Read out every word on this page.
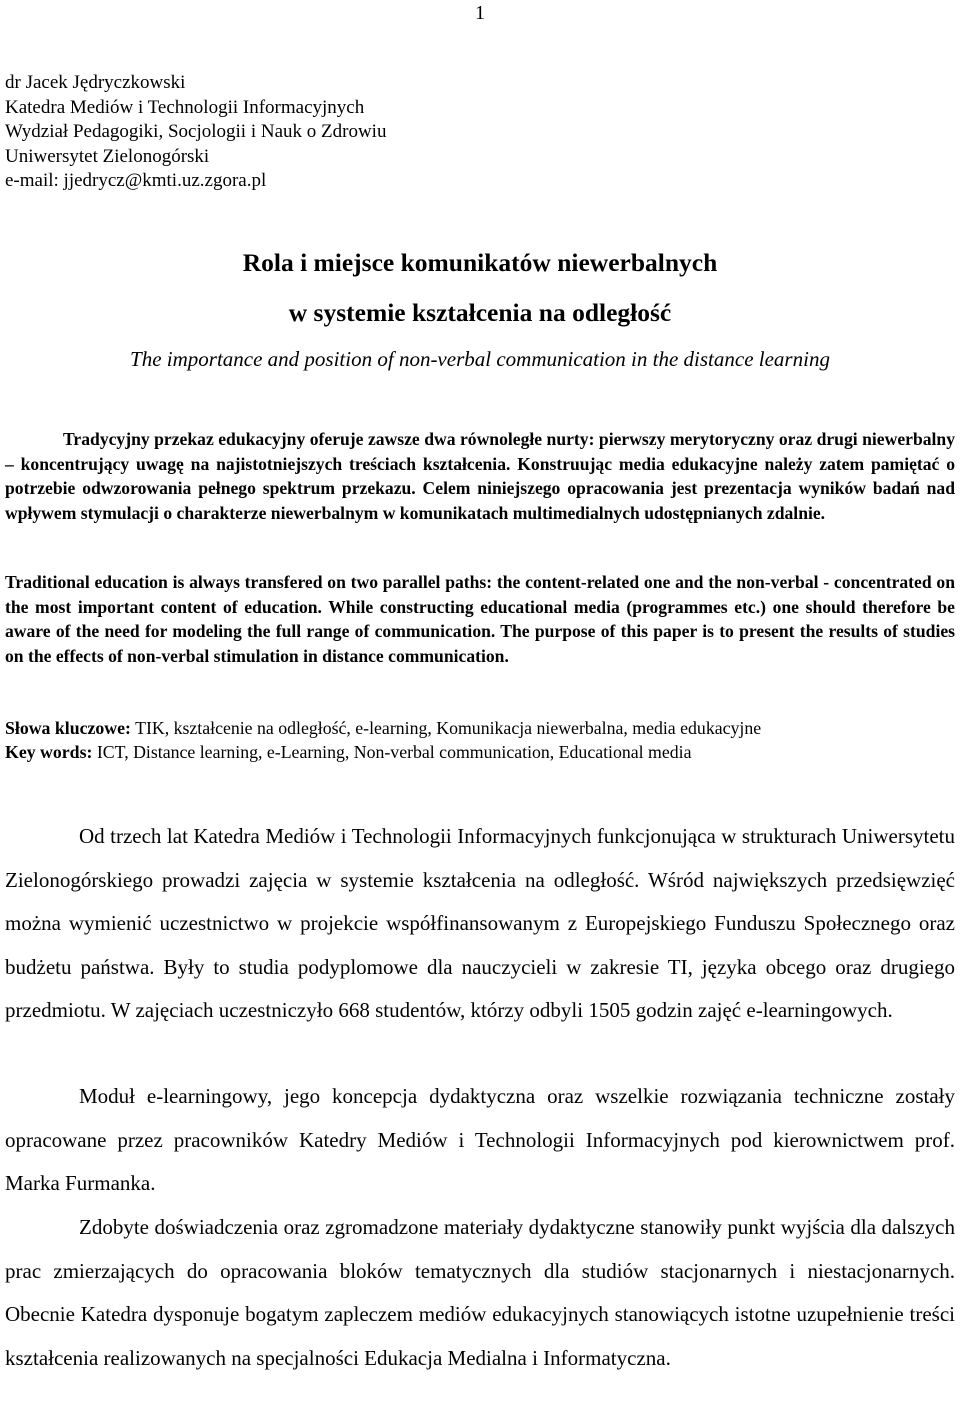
1
dr Jacek Jędryczkowski
Katedra Mediów i Technologii Informacyjnych
Wydział Pedagogiki, Socjologii i Nauk o Zdrowiu
Uniwersytet Zielonogórski
e-mail: jjedrycz@kmti.uz.zgora.pl
Rola i miejsce komunikatów niewerbalnych
w systemie kształcenia na odległość
The importance and position of non-verbal communication in the distance learning

Tradycyjny przekaz edukacyjny oferuje zawsze dwa równoległe nurty: pierwszy merytoryczny oraz drugi niewerbalny – koncentrujący uwagę na najistotniejszych treściach kształcenia. Konstruując media edukacyjne należy zatem pamiętać o potrzebie odwzorowania pełnego spektrum przekazu. Celem niniejszego opracowania jest prezentacja wyników badań nad wpływem stymulacji o charakterze niewerbalnym w komunikatach multimedialnych udostępnianych zdalnie.

Traditional education is always transfered on two parallel paths: the content-related one and the non-verbal - concentrated on the most important content of education. While constructing educational media (programmes etc.) one should therefore be aware of the need for modeling the full range of communication. The purpose of this paper is to present the results of studies on the effects of non-verbal stimulation in distance communication.

Słowa kluczowe: TIK, kształcenie na odległość, e-learning, Komunikacja niewerbalna, media edukacyjne
Key words: ICT, Distance learning, e-Learning, Non-verbal communication, Educational media

Od trzech lat Katedra Mediów i Technologii Informacyjnych funkcjonująca w strukturach Uniwersytetu Zielonogórskiego prowadzi zajęcia w systemie kształcenia na odległość. Wśród największych przedsięwzięć można wymienić uczestnictwo w projekcie współfinansowanym z Europejskiego Funduszu Społecznego oraz budżetu państwa. Były to studia podyplomowe dla nauczycieli w zakresie TI, języka obcego oraz drugiego przedmiotu. W zajęciach uczestniczyło 668 studentów, którzy odbyli 1505 godzin zajęć e-learningowych.

Moduł e-learningowy, jego koncepcja dydaktyczna oraz wszelkie rozwiązania techniczne zostały opracowane przez pracowników Katedry Mediów i Technologii Informacyjnych pod kierownictwem prof. Marka Furmanka.

Zdobyte doświadczenia oraz zgromadzone materiały dydaktyczne stanowiły punkt wyjścia dla dalszych prac zmierzających do opracowania bloków tematycznych dla studiów stacjonarnych i niestacjonarnych. Obecnie Katedra dysponuje bogatym zapleczem mediów edukacyjnych stanowiących istotne uzupełnienie treści kształcenia realizowanych na specjalności Edukacja Medialna i Informatyczna.
